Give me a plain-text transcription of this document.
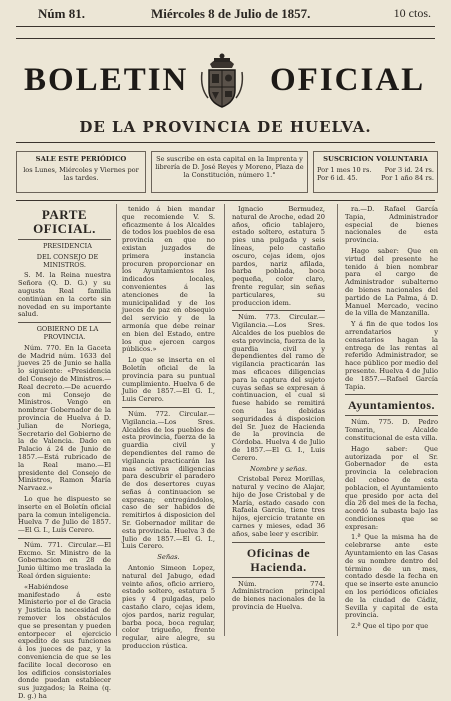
Núm 81.	Miércoles 8 de Julio de 1857.	10 ctos.
BOLETIN OFICIAL
DE LA PROVINCIA DE HUELVA.
SALE ESTE PERIÓDICO
los Lunes, Miércoles y Viernes por las tardes.
Se suscribe en esta capital en la Imprenta y librería de D. José Reyes y Moreno, Plaza de la Constitución, número 1.°
SUSCRICION VOLUNTARIA
Por 1 mes 10 rs. Por 3 id. 24 rs.
Por 6 id. 45.	Por 1 año 84 rs.
PARTE OFICIAL.

PRESIDENCIA

DEL CONSEJO DE MINISTROS.

S. M. la Reina nuestra Señora (Q. D. G.) y su augusta Real familia continúan en la corte sin novedad en su importante salud.

GOBIERNO DE LA PROVINCIA.

Núm. 770. En la Gaceta de Madrid núm. 1633 del jueves 25 de Junio se halla lo siguiente: «Presidencia del Consejo de Ministros.—Real decreto.—De acuerdo con mi Consejo de Ministros. Vengo en nombrar Gobernador de la provincia de Huelva á D. Julian de Noriega, Secretario del Gobierno de la de Valencia. Dado en Palacio á 24 de Junio de 1857.—Está rubricado de la Real mano.—El presidente del Consejo de Ministros, Ramon María Narvaez.»

Lo que he dispuesto se inserte en el Boletín oficial para la comun inteligencia. Huelva 7 de Julio de 1857.—El G. I., Luis Cerero.

Núm. 771. Circular.—El Excmo. Sr. Ministro de la Gobernacion en 28 de Junio último me traslada la Real órden siguiente:

«Habiéndose manifestado á este Ministerio por el de Gracia y Justicia la necesidad de remover los obstáculos que se presentan y pueden entorpecer el ejercicio expedito de sus funciones á los jueces de paz, y la conveniencia de que se les facilite local decoroso en los edificios consistoriales donde puedan establecer sus juzgados; la Reina (q. D. g.) ha

tenido á bien mandar que recomiende V. S. eficazmente á los Alcaldes de todos los pueblos de esa provincia en que no existan juzgados de primera instancia procuren proporcionar en los Ayuntamientos los indicados locales, convenientes á las atenciones de la municipalidad y de los jueces de paz en obsequio del servicio y de la armonía que debe reinar en bien del Estado, entre los que ejercen cargos públicos.»

Lo que se inserta en el Boletín oficial de la provincia para su puntual cumplimiento. Huelva 6 de Julio de 1857.—El G. I., Luis Cerero.

Núm. 772. Circular.—Vigilancia.—Los Sres. Alcaldes de los pueblos de esta provincia, fuerza de la guardia civil y dependientes del ramo de vigilancia practicarán las mas activas diligencias para descubrir el paradero de dos desertores cuyas señas á continuacion se expresan; entregándolos, caso de ser habidos de remitirlos á disposicion del Sr. Gobernador militar de esta provincia. Huelva 3 de Julio de 1857.—El G. I., Luis Cerero.

Señas.

Antonio Simeon Lopez, natural del Jabugo, edad veinte años, oficio arriero, estado soltero, estatura 5 pies y 4 pulgadas, pelo castaño claro, cejas idem, ojos pardos, nariz regular, barba poca, boca regular, color trigueño, frente regular, aire alegre, su produccion rústica.

Ignacio Bermudez, natural de Aroche, edad 20 años, oficio tablajero, estado soltero, estatura 5 pies una pulgada y seis líneas, pelo castaño oscuro, cejas idem, ojos pardos, nariz afilada, barba poblada, boca pequeña, color claro, frente regular, sin señas particulares, su produccion idem.

Núm. 773. Circular.—Vigilancia.—Los Sres. Alcaldes de los pueblos de esta provincia, fuerza de la guardia civil y dependientes del ramo de vigilancia practicarán las mas eficaces diligencias para la captura del sujeto cuyas señas se expresan á continuacion, el cual si fuese habido se remitirá con las debidas seguridades á disposicion del Sr. Juez de Hacienda de la provincia de Córdoba. Huelva 4 de Julio de 1857.—El G. I., Luis Cerero.

Nombre y señas.

Cristobal Perez Morillas, natural y vecino de Alajar, hijo de Jose Cristobal y de María, estado casado con Rafaela Garcia, tiene tres hijos, ejercicio tratante en carnes y mieses, edad 36 años, sabe leer y escribir.

Oficinas de Hacienda.

Núm. 774. Administracion principal de bienes nacionales de la provincia de Huelva.

ra.—D. Rafael García Tapia, Administrador especial de bienes nacionales de esta provincia.

Hago saber: Que en virtud del presente he tenido á bien nombrar para el cargo de Administrador subalterno de bienes nacionales del partido de La Palma, á D. Manuel Mercado, vecino de la villa de Manzanilla.

Y á fin de que todos los arrendatarios y censatarios hagan la entrega de las rentas al referido Administrador, se hace público por medio del presente. Huelva 4 de Julio de 1857.—Rafael García Tapia.

Ayuntamientos.

Núm. 775. D. Pedro Tomarin, Alcalde constitucional de esta villa.

Hago saber: Que autorizada por el Sr. Gobernador de esta provincia la celebracion del ceboo de esta poblacion, el Ayuntamiento que presido por acta del día 26 del mes de la fecha, acordó la subasta bajo las condiciones que se expresan:

1.ª Que la misma ha de celebrarse ante este Ayuntamiento en las Casas de su nombre dentro del término de un mes, contado desde la fecha en que se inserte este anuncio en los periódicos oficiales de la ciudad de Cádiz, Sevilla y capital de esta provincia.

2.ª Que el tipo por que
